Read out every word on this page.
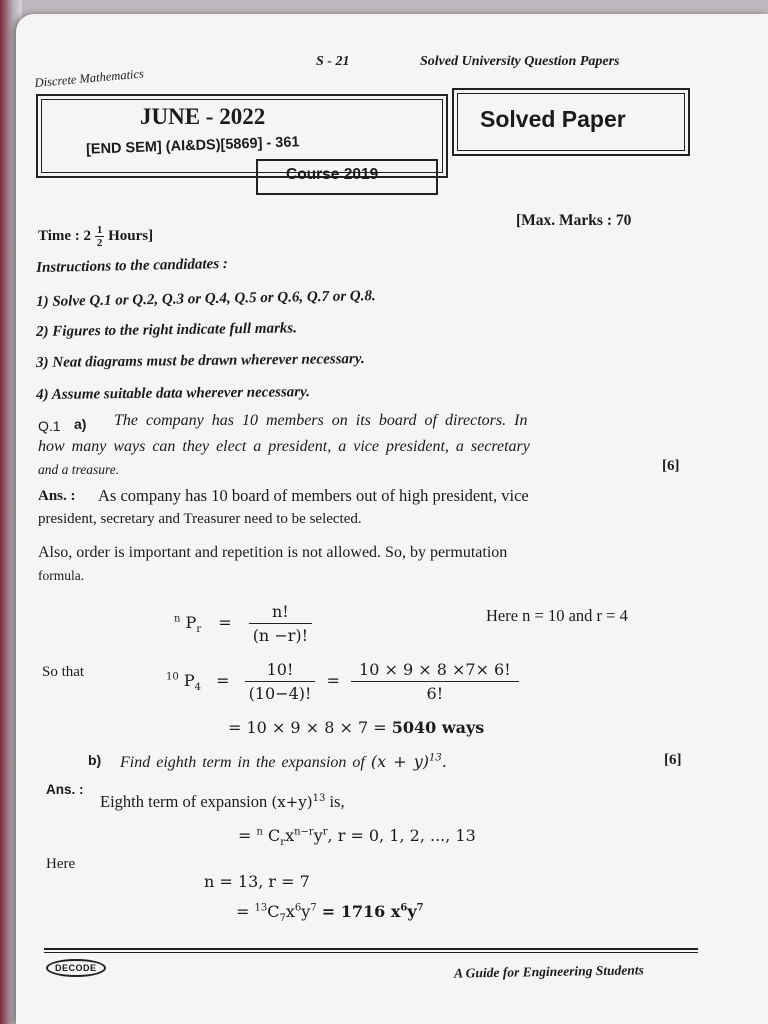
Discrete Mathematics
S - 21	Solved University Question Papers
JUNE - 2022
[END SEM] (AI&DS)[5869] - 361
Solved Paper
Course 2019
Time : $2 \frac{1}{2}$ Hours]
[Max. Marks : 70
Instructions to the candidates :
1) Solve Q.1 or Q.2, Q.3 or Q.4, Q.5 or Q.6, Q.7 or Q.8.
2) Figures to the right indicate full marks.
3) Neat diagrams must be drawn wherever necessary.
4) Assume suitable data wherever necessary.
Q.1 a) The company has 10 members on its board of directors. In
how many ways can they elect a president, a vice president, a secretary
and a treasure.	[6]
Ans. : As company has 10 board of members out of high president, vice
president, secretary and Treasurer need to be selected.
Also, order is important and repetition is not allowed. So, by permutation
formula.
$^n$ $P_r = \frac{n!}{(n -r)!}$	Here n = 10 and r = 4
So that	$^{10}$ $P_4 = \frac{10!}{(10-4)!} = \frac{10 \times 9 \times 8 \times 7\times 6!}{6!}$
= 10 × 9 × 8 × 7 = 5040 ways
b) Find eighth term in the expansion of $(x + y)^{13}$.	[6]
Ans. :
Eighth term of expansion $(x+y)^{13}$ is,
= $^n$ $C_rx^{n-r}y^r$, r = 0, 1, 2, ..., 13
Here
n = 13, r = 7
= $^{13}C_7x^6y^7 = 1716$ $x^6y^7$
DECODE	A Guide for Engineering Students
